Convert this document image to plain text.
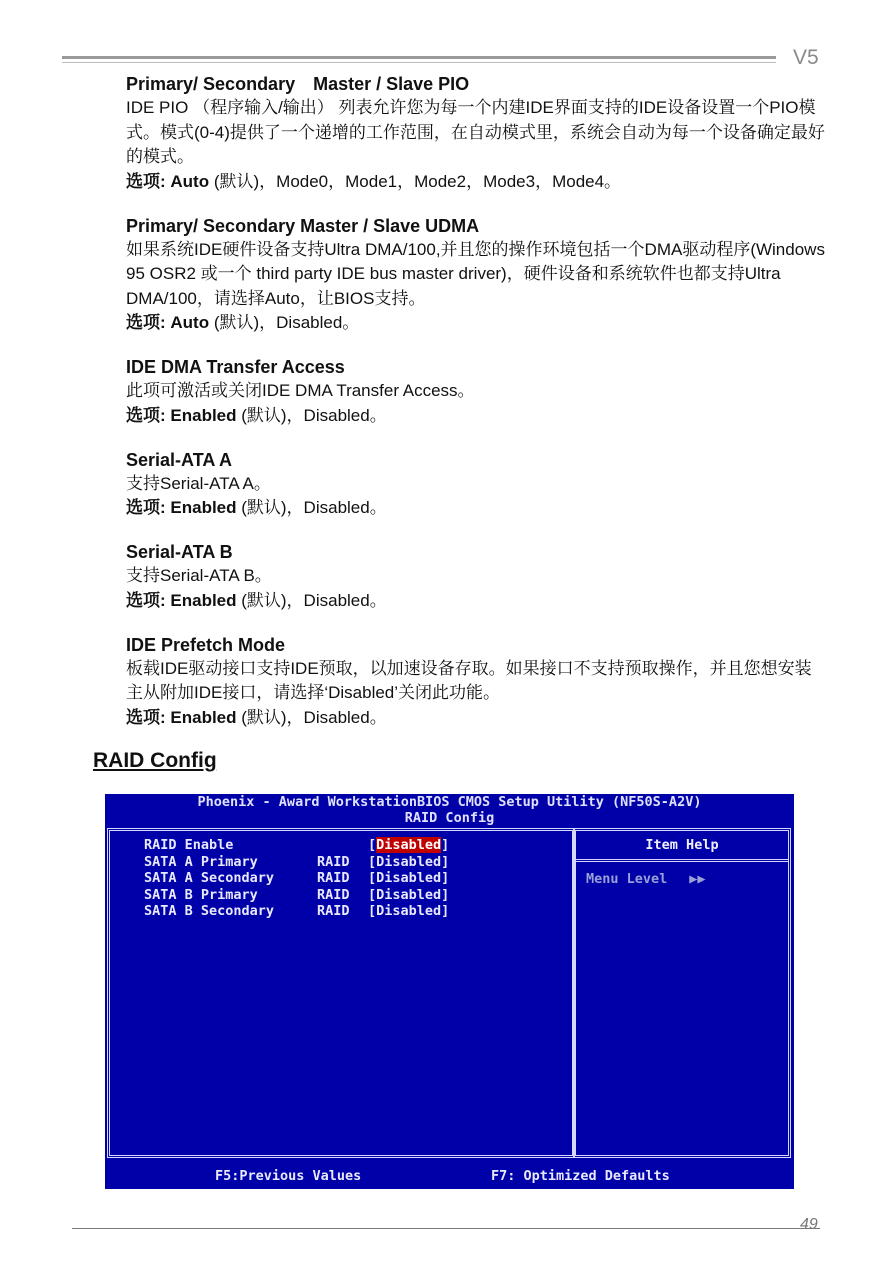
V5

Primary/ Secondary　Master / Slave PIO

IDE PIO （程序输入/输出） 列表允许您为每一个内建IDE界面支持的IDE设备设置一个PIO模式。模式(0-4)提供了一个递增的工作范围，在自动模式里，系统会自动为每一个设备确定最好的模式。

选项: Auto (默认)，Mode0，Mode1，Mode2，Mode3，Mode4。

Primary/ Secondary Master / Slave UDMA

如果系统IDE硬件设备支持Ultra DMA/100,并且您的操作环境包括一个DMA驱动程序(Windows 95 OSR2 或一个 third party IDE bus master driver)，硬件设备和系统软件也都支持Ultra DMA/100，请选择Auto，让BIOS支持。

选项: Auto (默认)，Disabled。

IDE DMA Transfer Access

此项可激活或关闭IDE DMA Transfer Access。

选项: Enabled (默认)，Disabled。

Serial-ATA A

支持Serial-ATA A。

选项: Enabled (默认)，Disabled。

Serial-ATA B

支持Serial-ATA B。

选项: Enabled (默认)，Disabled。

IDE Prefetch Mode

板载IDE驱动接口支持IDE预取，以加速设备存取。如果接口不支持预取操作，并且您想安装主从附加IDE接口，请选择‘Disabled’关闭此功能。

选项: Enabled (默认)，Disabled。

RAID Config

Phoenix - Award WorkstationBIOS CMOS Setup Utility (NF50S-A2V)
RAID Config
RAID Enable	[Disabled]
SATA A Primary	RAID [Disabled]
SATA A Secondary	RAID [Disabled]
SATA B Primary	RAID [Disabled]
SATA B Secondary	RAID [Disabled]
Item Help
Menu Level ▶▶
F5:Previous Values	F7: Optimized Defaults
49
